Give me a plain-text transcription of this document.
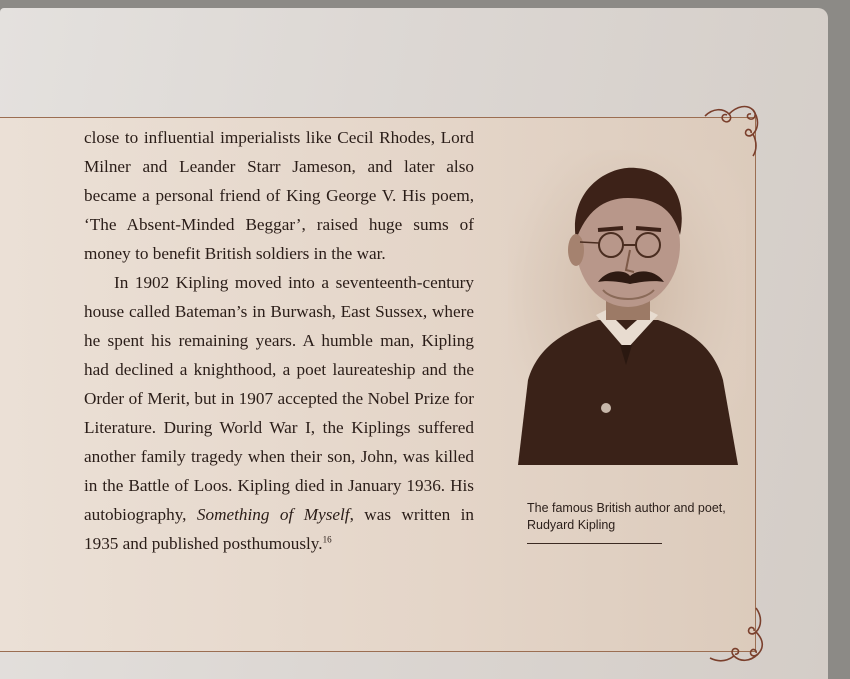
close to influential imperialists like Cecil Rhodes, Lord Milner and Leander Starr Jameson, and later also became a personal friend of King George V. His poem, ‘The Absent-Minded Beggar’, raised huge sums of money to benefit British soldiers in the war.

In 1902 Kipling moved into a seventeenth-century house called Bateman’s in Burwash, East Sussex, where he spent his remaining years. A humble man, Kipling had declined a knighthood, a poet laureateship and the Order of Merit, but in 1907 accepted the Nobel Prize for Literature. During World War I, the Kiplings suffered another family tragedy when their son, John, was killed in the Battle of Loos. Kipling died in January 1936. His autobiography, Something of Myself, was written in 1935 and published posthumously.$^{16}$

The famous British author and poet,
Rudyard Kipling
